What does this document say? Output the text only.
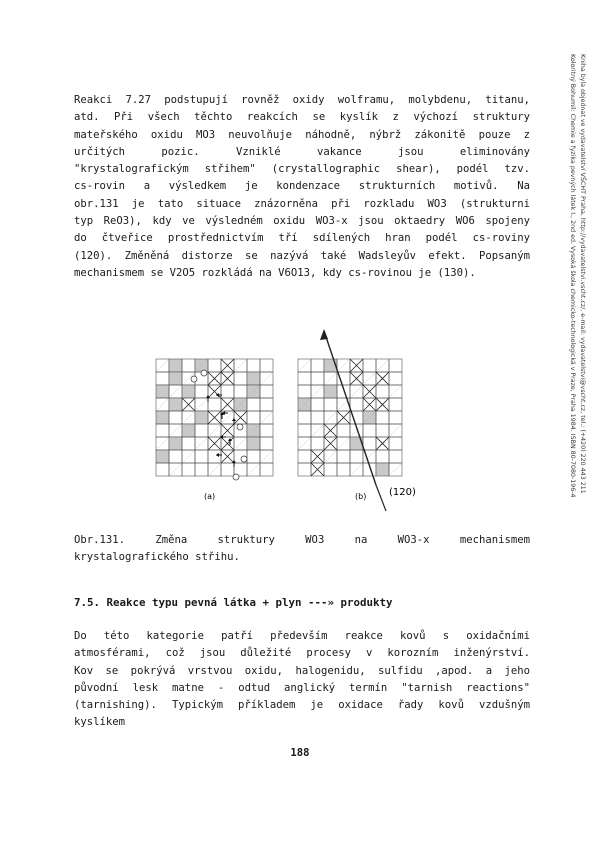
Reakci 7.27 podstupují rovněž oxidy wolframu, molybdenu, titanu,
atd. Při všech těchto reakcích se kyslík z výchozí struktury
mateřského oxidu MO3 neuvolňuje náhodně, nýbrž zákonitě pouze z
určitých pozic. Vzniklé vakance jsou eliminovány
"krystalografickým střihem" (crystallographic shear), podél tzv.
cs-rovin a výsledkem je kondenzace strukturních motivů. Na
obr.131 je tato situace znázorněna při rozkladu WO3 (strukturni
typ ReO3), kdy ve výsledném oxidu WO3-x jsou oktaedry WO6 spojeny
do čtveřice prostřednictvím tří sdílených hran podél cs-roviny
(120). Změněná distorze se nazývá také Wadsleyův efekt. Popsaným
mechanismem se V2O5 rozkládá na V6O13, kdy cs-rovinou je (130).
(a)	(b) (120)
Obr.131. Změna struktury WO3 na WO3-x mechanismem
krystalografického střihu.
7.5. Reakce typu pevná látka + plyn ---» produkty
Do této kategorie patří především reakce kovů s oxidačními
atmosférami, což jsou důležité procesy v korozním inženýrství.
Kov se pokrývá vrstvou oxidu, halogenidu, sulfidu ,apod. a jeho
původní lesk matne - odtud anglický termín "tarnish reactions"
(tarnishing). Typickým příkladem je oxidace řady kovů vzdušným
kyslíkem
188
Koloritný Bohumil: Chemie a fyzika pevných látek I., 2nd ed. Vysoká škola chemicko-technologická v Praze, Praha 1984. ISBN 80-7080-196-4 Kniha byla objednat ve vydavatelství VŠCHT Praha, http://vydavatelstvi.vscht.cz/, e-mail: vydavatelstvi@vscht.cz, tel.: (+420) 220 443 211
